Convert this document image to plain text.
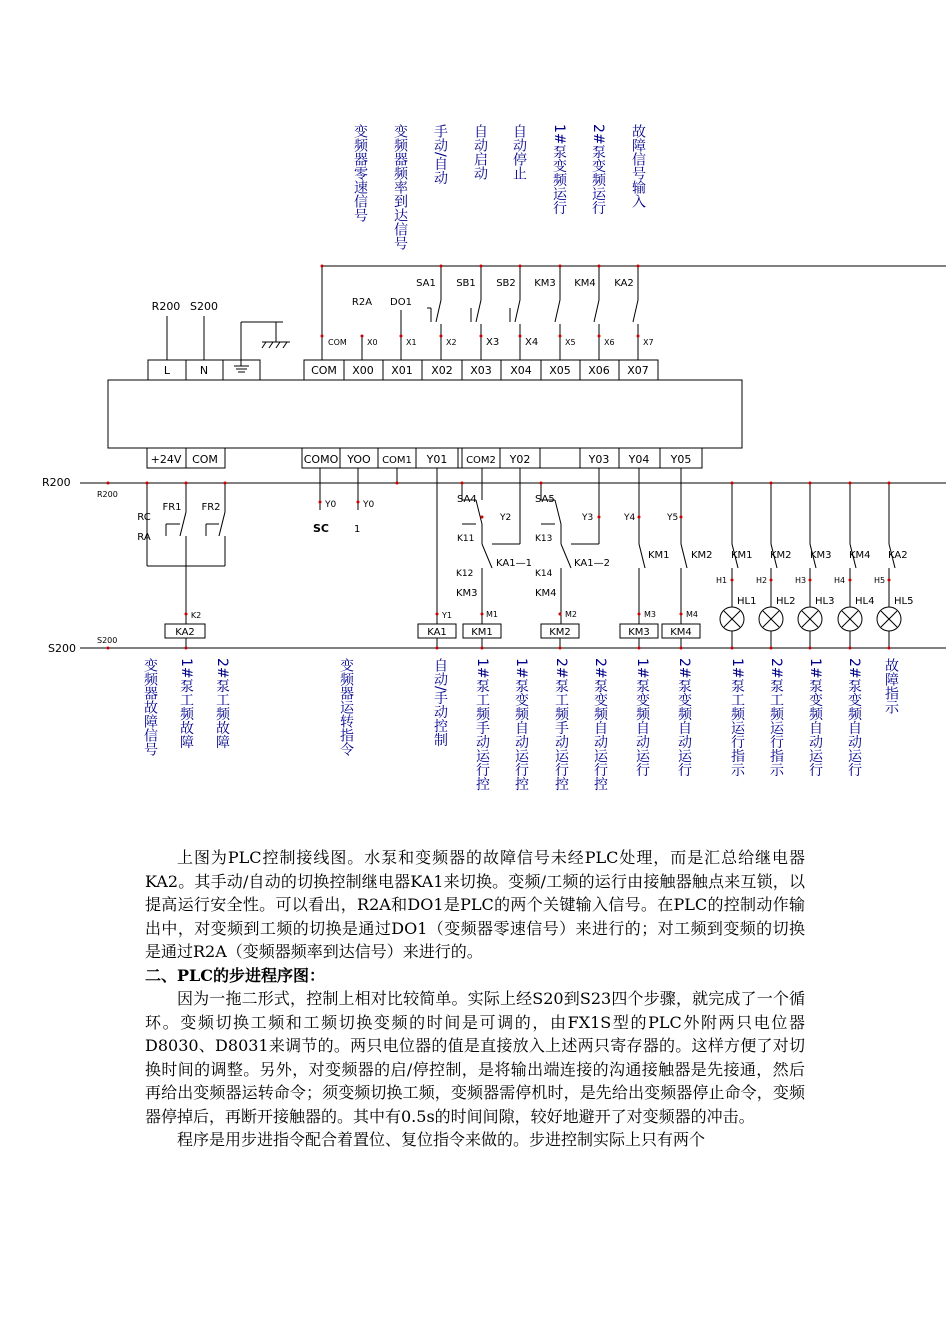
变频器零速信号 变频器频率到达信号 手动/自动 自动启动 自动停止 1#泵变频运行 2#泵变频运行 故障信号输入
变频器故障信号 1#泵工频故障 2#泵工频故障	变频器运转指令	自动/手动控制 1#泵工频手动运行控 1#泵变频自动运行控 2#泵工频手动运行控 2#泵变频自动运行控 1#泵变频自动运行 2#泵变频自动运行	1#泵工频运行指示 2#泵工频运行指示 1#泵变频自动运行 2#泵变频自动运行 故障指示
L	N
R200 S200
COM X00 X01 X02 X03 X04 X05 X06 X07
COM	X0	X1	X2	X3	X4	X5	X6	X7
R2A DO1
SA1 SB1 SB2 KM3 KM4 KA2
+24V COM	COMO YOO COM1 Y01 COM2 Y02	Y03 Y04 Y05
R200
S200
R200
S200
RC
RA
FR1 FR2
K2
KA2
Y0	Y0
SC	1
KA1
Y1
SA4	SA5
Y2	Y3
K11	K13
K12	K14
KA1—1	KA1—2
KM3	KM4
M1	M2
KM1	KM2
Y4	Y5
KM1 KM2
M3	M4
KM3 KM4
KM1 KM2 KM3 KM4 KA2
H1	H2	H3	H4	H5
HL1 HL2 HL3 HL4 HL5

上图为PLC控制接线图。水泵和变频器的故障信号未经PLC处理，而是汇总给继电器KA2。其手动/自动的切换控制继电器KA1来切换。变频/工频的运行由接触器触点来互锁，以提高运行安全性。可以看出，R2A和DO1是PLC的两个关键输入信号。在PLC的控制动作输出中，对变频到工频的切换是通过DO1（变频器零速信号）来进行的；对工频到变频的切换是通过R2A（变频器频率到达信号）来进行的。

二、PLC的步进程序图：

因为一拖二形式，控制上相对比较简单。实际上经S20到S23四个步骤，就完成了一个循环。变频切换工频和工频切换变频的时间是可调的，由FX1S型的PLC外附两只电位器D8030、D8031来调节的。两只电位器的值是直接放入上述两只寄存器的。这样方便了对切换时间的调整。另外，对变频器的启/停控制，是将输出端连接的沟通接触器是先接通，然后再给出变频器运转命令；须变频切换工频，变频器需停机时，是先给出变频器停止命令，变频器停掉后，再断开接触器的。其中有0.5s的时间间隙，较好地避开了对变频器的冲击。

程序是用步进指令配合着置位、复位指令来做的。步进控制实际上只有两个
